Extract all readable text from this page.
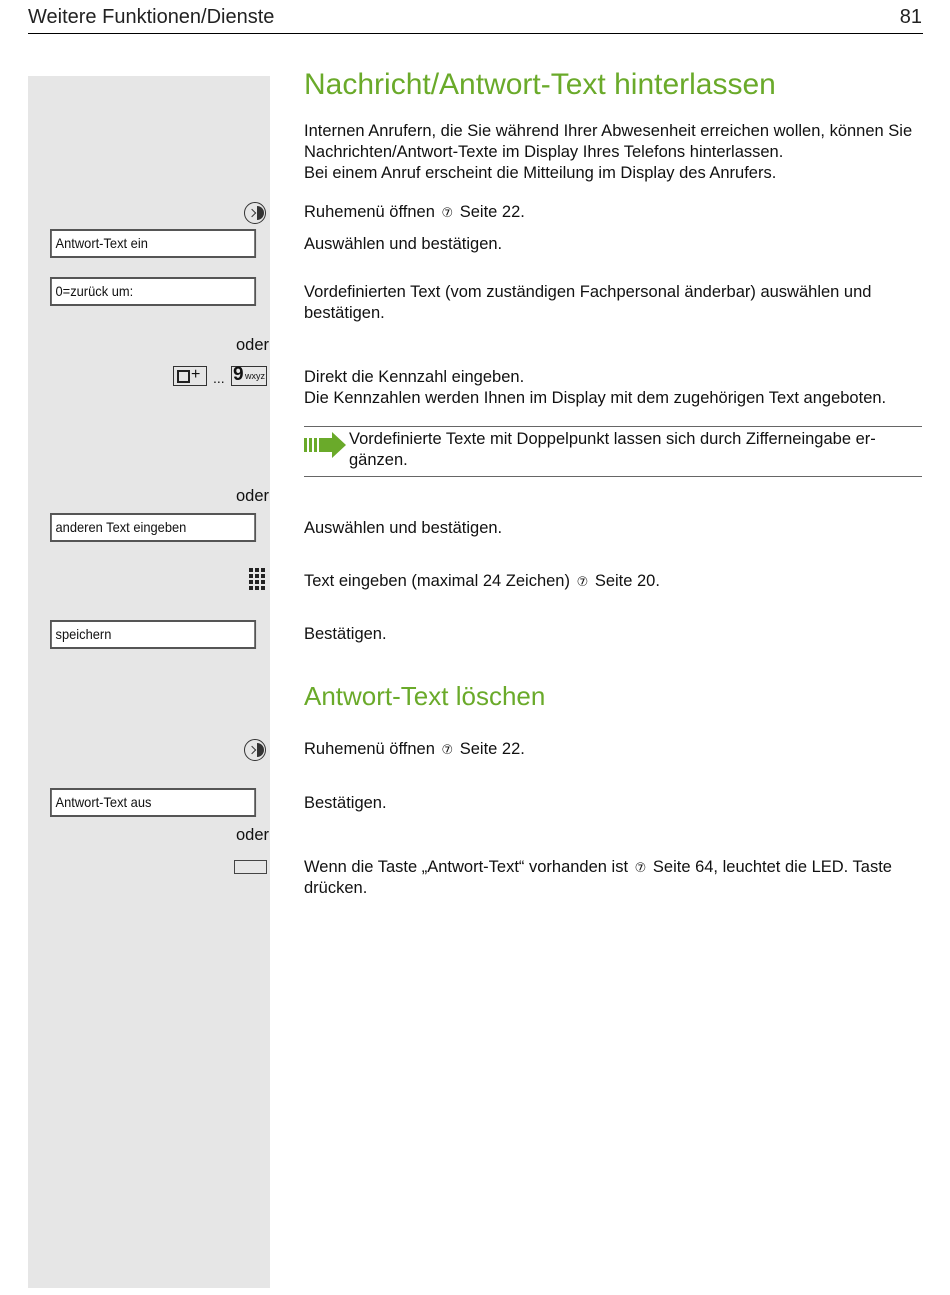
Weitere Funktionen/Dienste	81
Nachricht/Antwort-Text hinterlassen
Internen Anrufern, die Sie während Ihrer Abwesenheit erreichen wollen, können Sie Nachrichten/Antwort-Texte im Display Ihres Telefons hinterlassen.
Bei einem Anruf erscheint die Mitteilung im Display des Anrufers.
Ruhemenü öffnen ⑦ Seite 22.
Antwort-Text ein	Auswählen und bestätigen.
0=zurück um:	Vordefinierten Text (vom zuständigen Fachpersonal änderbar) auswählen und bestätigen.
oder
+ ... 9 wxyz Direkt die Kennzahl eingeben.
Die Kennzahlen werden Ihnen im Display mit dem zugehörigen Text angeboten.
Vordefinierte Texte mit Doppelpunkt lassen sich durch Zifferneingabe er-gänzen.
oder
anderen Text eingeben	Auswählen und bestätigen.
Text eingeben (maximal 24 Zeichen) ⑦ Seite 20.
speichern	Bestätigen.
Antwort-Text löschen
Ruhemenü öffnen ⑦ Seite 22.
Antwort-Text aus	Bestätigen.
oder
Wenn die Taste „Antwort-Text“ vorhanden ist ⑦ Seite 64, leuchtet die LED. Taste drücken.
